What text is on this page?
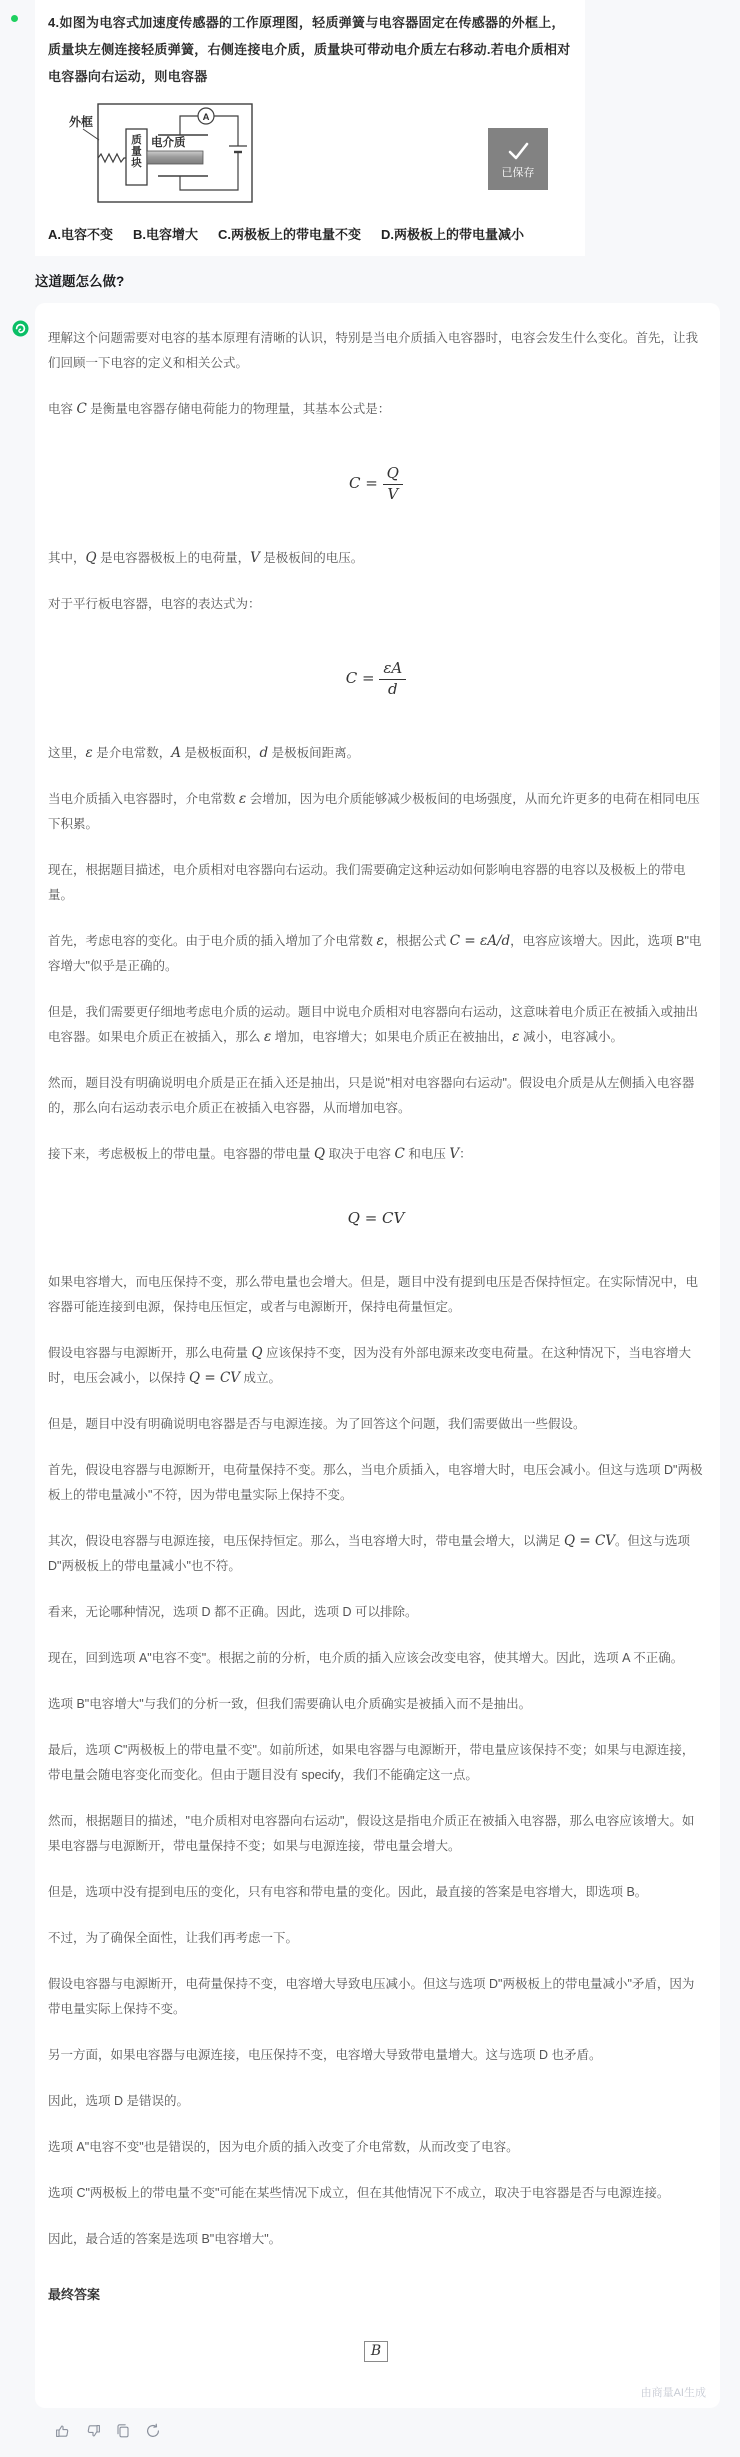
4.如图为电容式加速度传感器的工作原理图，轻质弹簧与电容器固定在传感器的外框上，质量块左侧连接轻质弹簧，右侧连接电介质，质量块可带动电介质左右移动.若电介质相对电容器向右运动，则电容器

外框
质量块 电介质
A
已保存
A.电容不变 B.电容增大 C.两极板上的带电量不变 D.两极板上的带电量减小
这道题怎么做?

理解这个问题需要对电容的基本原理有清晰的认识，特别是当电介质插入电容器时，电容会发生什么变化。首先，让我们回顾一下电容的定义和相关公式。

电容 C 是衡量电容器存储电荷能力的物理量，其基本公式是：

$C = \frac{Q}{V}$

其中，Q 是电容器极板上的电荷量，V 是极板间的电压。

对于平行板电容器，电容的表达式为：

$C = \frac{\varepsilon A}{d}$

这里，ε 是介电常数，A 是极板面积，d 是极板间距离。

当电介质插入电容器时，介电常数 ε 会增加，因为电介质能够减少极板间的电场强度，从而允许更多的电荷在相同电压下积累。

现在，根据题目描述，电介质相对电容器向右运动。我们需要确定这种运动如何影响电容器的电容以及极板上的带电量。

首先，考虑电容的变化。由于电介质的插入增加了介电常数 ε，根据公式 C = εA/d，电容应该增大。因此，选项 B"电容增大"似乎是正确的。

但是，我们需要更仔细地考虑电介质的运动。题目中说电介质相对电容器向右运动，这意味着电介质正在被插入或抽出电容器。如果电介质正在被插入，那么 ε 增加，电容增大；如果电介质正在被抽出，ε 减小，电容减小。

然而，题目没有明确说明电介质是正在插入还是抽出，只是说"相对电容器向右运动"。假设电介质是从左侧插入电容器的，那么向右运动表示电介质正在被插入电容器，从而增加电容。

接下来，考虑极板上的带电量。电容器的带电量 Q 取决于电容 C 和电压 V：

Q = CV

如果电容增大，而电压保持不变，那么带电量也会增大。但是，题目中没有提到电压是否保持恒定。在实际情况中，电容器可能连接到电源，保持电压恒定，或者与电源断开，保持电荷量恒定。

假设电容器与电源断开，那么电荷量 Q 应该保持不变，因为没有外部电源来改变电荷量。在这种情况下，当电容增大时，电压会减小，以保持 Q = CV 成立。

但是，题目中没有明确说明电容器是否与电源连接。为了回答这个问题，我们需要做出一些假设。

首先，假设电容器与电源断开，电荷量保持不变。那么，当电介质插入，电容增大时，电压会减小。但这与选项 D"两极板上的带电量减小"不符，因为带电量实际上保持不变。

其次，假设电容器与电源连接，电压保持恒定。那么，当电容增大时，带电量会增大，以满足 Q = CV。但这与选项 D"两极板上的带电量减小"也不符。

看来，无论哪种情况，选项 D 都不正确。因此，选项 D 可以排除。

现在，回到选项 A"电容不变"。根据之前的分析，电介质的插入应该会改变电容，使其增大。因此，选项 A 不正确。

选项 B"电容增大"与我们的分析一致，但我们需要确认电介质确实是被插入而不是抽出。

最后，选项 C"两极板上的带电量不变"。如前所述，如果电容器与电源断开，带电量应该保持不变；如果与电源连接，带电量会随电容变化而变化。但由于题目没有 specify，我们不能确定这一点。

然而，根据题目的描述，"电介质相对电容器向右运动"，假设这是指电介质正在被插入电容器，那么电容应该增大。如果电容器与电源断开，带电量保持不变；如果与电源连接，带电量会增大。

但是，选项中没有提到电压的变化，只有电容和带电量的变化。因此，最直接的答案是电容增大，即选项 B。

不过，为了确保全面性，让我们再考虑一下。

假设电容器与电源断开，电荷量保持不变，电容增大导致电压减小。但这与选项 D"两极板上的带电量减小"矛盾，因为带电量实际上保持不变。

另一方面，如果电容器与电源连接，电压保持不变，电容增大导致带电量增大。这与选项 D 也矛盾。

因此，选项 D 是错误的。

选项 A"电容不变"也是错误的，因为电介质的插入改变了介电常数，从而改变了电容。

选项 C"两极板上的带电量不变"可能在某些情况下成立，但在其他情况下不成立，取决于电容器是否与电源连接。

因此，最合适的答案是选项 B"电容增大"。

最终答案

B
由商量AI生成
